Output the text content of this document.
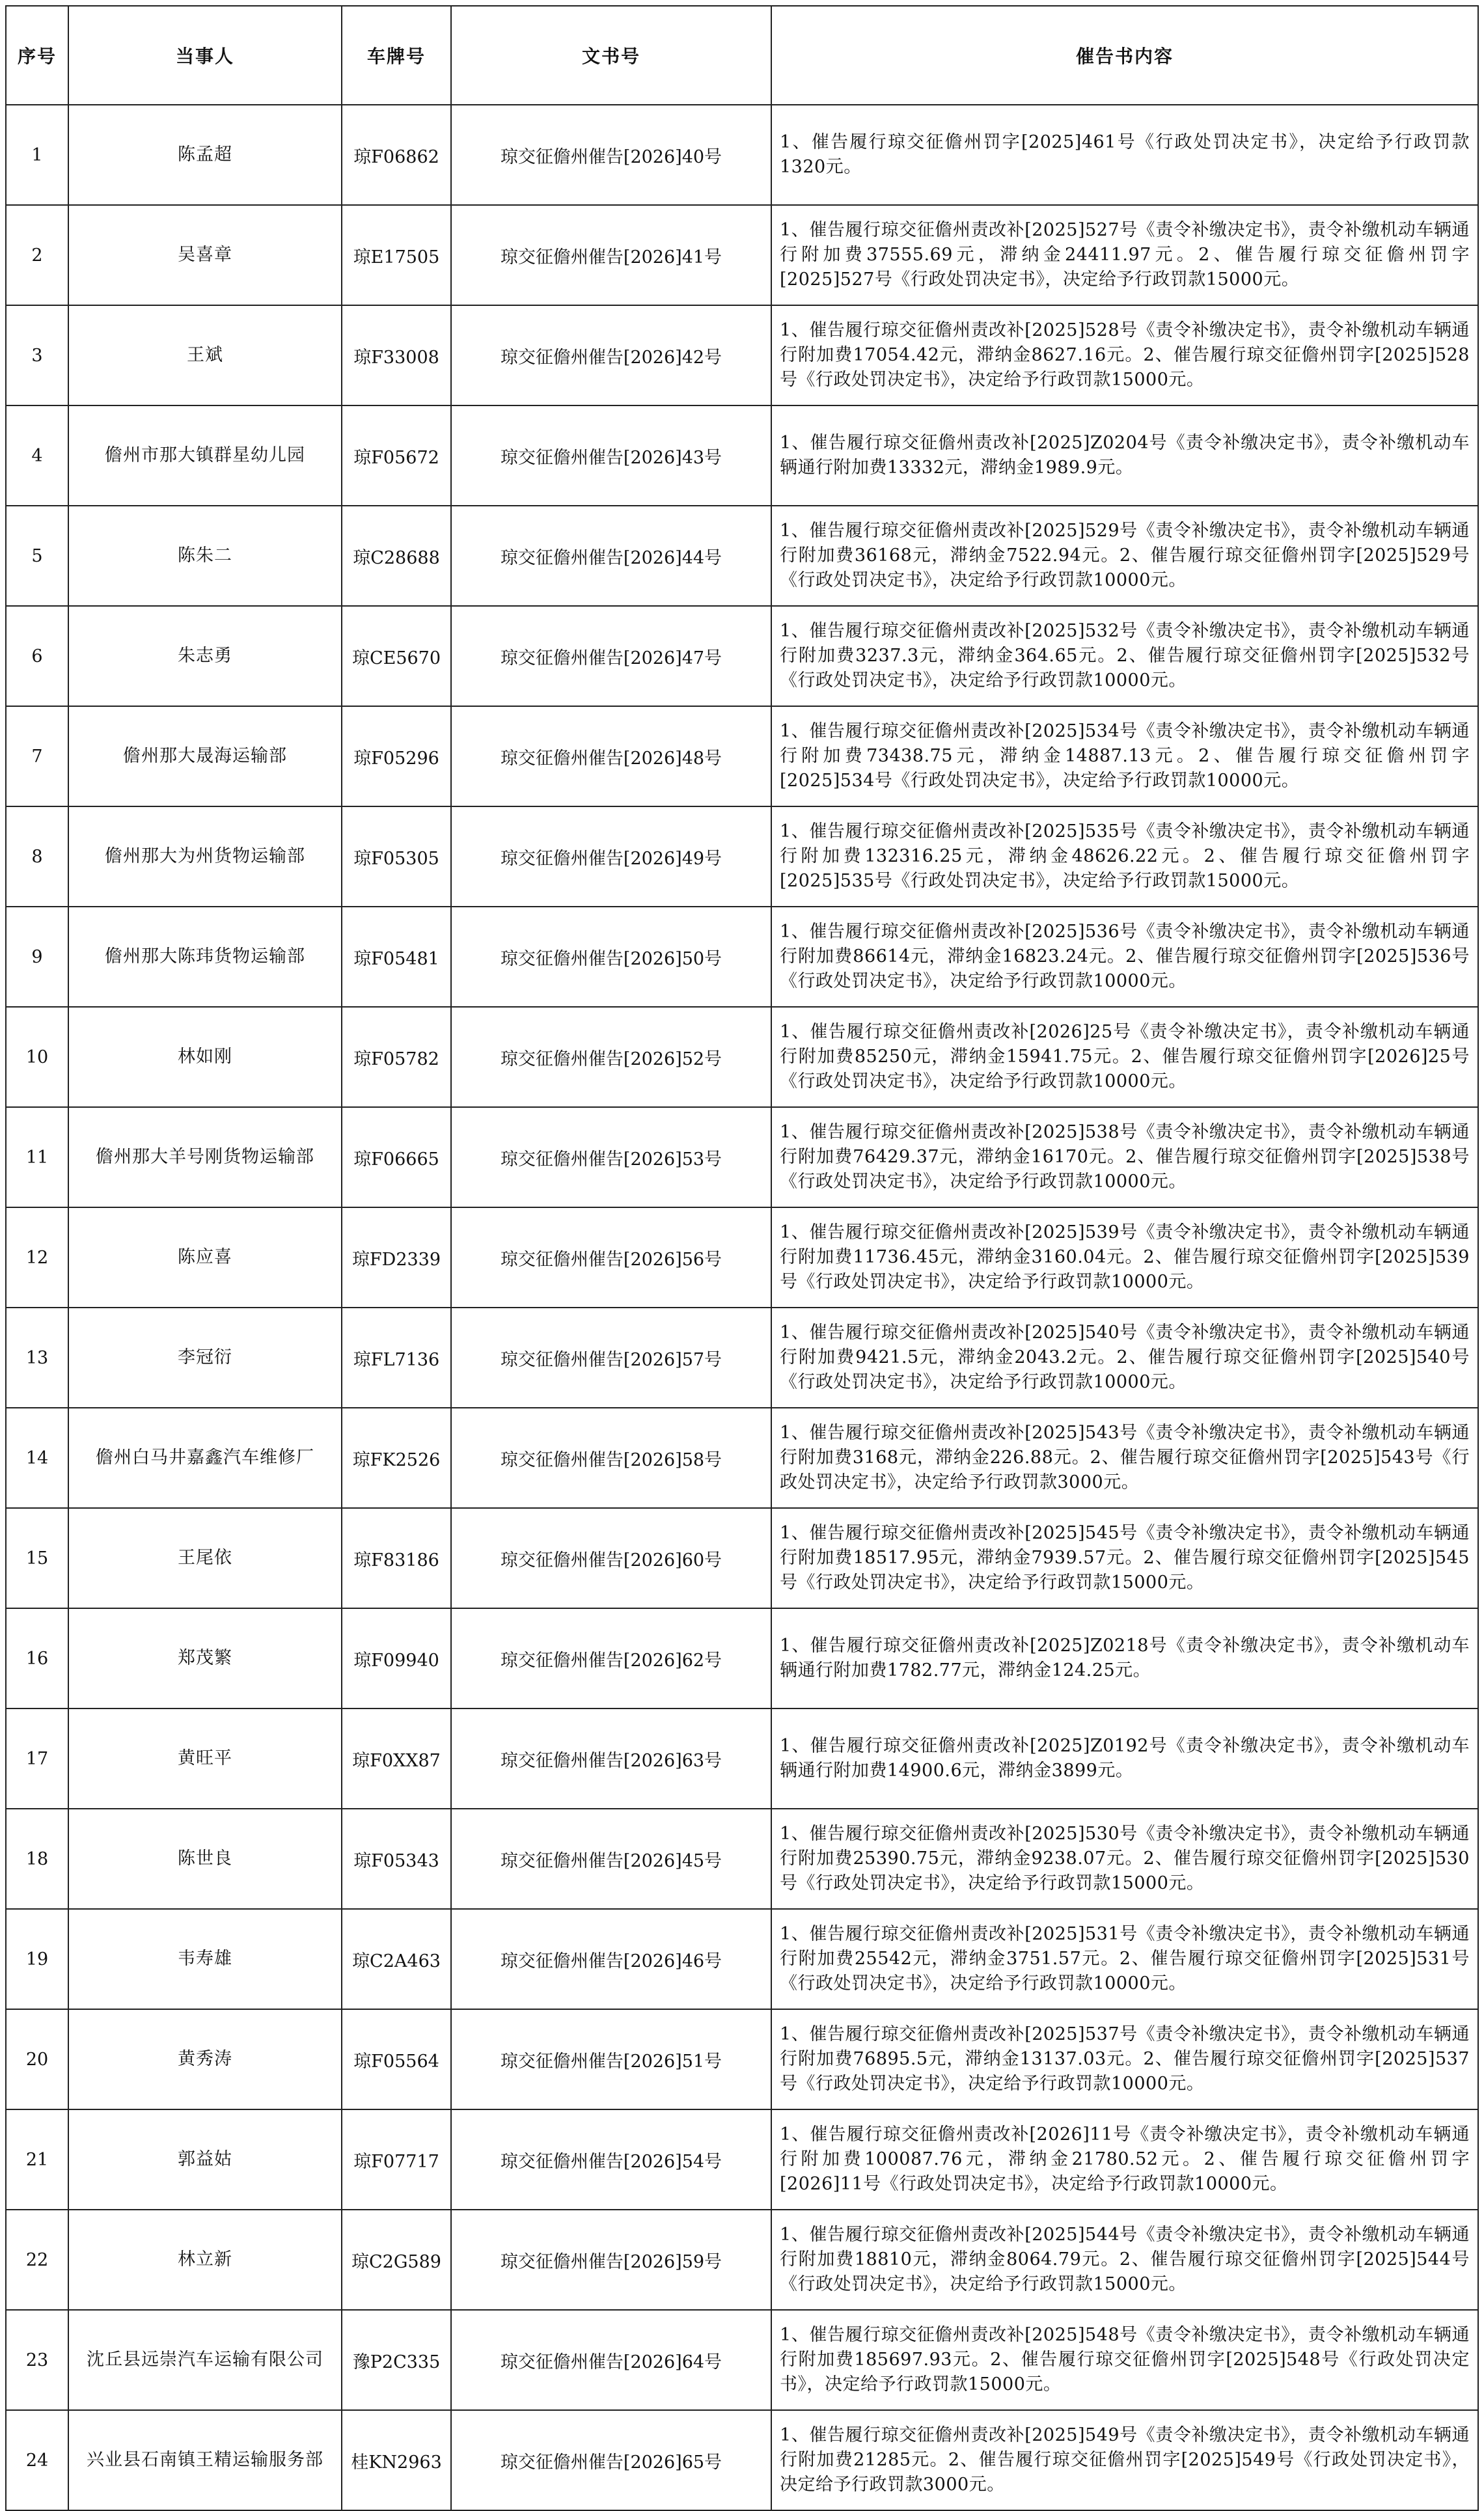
序号	当事人	车牌号	文书号	催告书内容
1	陈孟超	琼F06862	琼交征儋州催告[2026]40号	1、催告履行琼交征儋州罚字[2025]461号《行政处罚决定书》，决定给予行政罚款1320元。
2	吴喜章	琼E17505	琼交征儋州催告[2026]41号	1、催告履行琼交征儋州责改补[2025]527号《责令补缴决定书》，责令补缴机动车辆通行附加费37555.69元，滞纳金24411.97元。2、催告履行琼交征儋州罚字[2025]527号《行政处罚决定书》，决定给予行政罚款15000元。
3	王斌	琼F33008	琼交征儋州催告[2026]42号	1、催告履行琼交征儋州责改补[2025]528号《责令补缴决定书》，责令补缴机动车辆通行附加费17054.42元，滞纳金8627.16元。2、催告履行琼交征儋州罚字[2025]528号《行政处罚决定书》，决定给予行政罚款15000元。
4	儋州市那大镇群星幼儿园	琼F05672	琼交征儋州催告[2026]43号	1、催告履行琼交征儋州责改补[2025]Z0204号《责令补缴决定书》，责令补缴机动车辆通行附加费13332元，滞纳金1989.9元。
5	陈朱二	琼C28688	琼交征儋州催告[2026]44号	1、催告履行琼交征儋州责改补[2025]529号《责令补缴决定书》，责令补缴机动车辆通行附加费36168元，滞纳金7522.94元。2、催告履行琼交征儋州罚字[2025]529号《行政处罚决定书》，决定给予行政罚款10000元。
6	朱志勇	琼CE5670	琼交征儋州催告[2026]47号	1、催告履行琼交征儋州责改补[2025]532号《责令补缴决定书》，责令补缴机动车辆通行附加费3237.3元，滞纳金364.65元。2、催告履行琼交征儋州罚字[2025]532号《行政处罚决定书》，决定给予行政罚款10000元。
7	儋州那大晟海运输部	琼F05296	琼交征儋州催告[2026]48号	1、催告履行琼交征儋州责改补[2025]534号《责令补缴决定书》，责令补缴机动车辆通行附加费73438.75元，滞纳金14887.13元。2、催告履行琼交征儋州罚字[2025]534号《行政处罚决定书》，决定给予行政罚款10000元。
8	儋州那大为州货物运输部	琼F05305	琼交征儋州催告[2026]49号	1、催告履行琼交征儋州责改补[2025]535号《责令补缴决定书》，责令补缴机动车辆通行附加费132316.25元，滞纳金48626.22元。2、催告履行琼交征儋州罚字[2025]535号《行政处罚决定书》，决定给予行政罚款15000元。
9	儋州那大陈玮货物运输部	琼F05481	琼交征儋州催告[2026]50号	1、催告履行琼交征儋州责改补[2025]536号《责令补缴决定书》，责令补缴机动车辆通行附加费86614元，滞纳金16823.24元。2、催告履行琼交征儋州罚字[2025]536号《行政处罚决定书》，决定给予行政罚款10000元。
10	林如刚	琼F05782	琼交征儋州催告[2026]52号	1、催告履行琼交征儋州责改补[2026]25号《责令补缴决定书》，责令补缴机动车辆通行附加费85250元，滞纳金15941.75元。2、催告履行琼交征儋州罚字[2026]25号《行政处罚决定书》，决定给予行政罚款10000元。
11	儋州那大羊号刚货物运输部	琼F06665	琼交征儋州催告[2026]53号	1、催告履行琼交征儋州责改补[2025]538号《责令补缴决定书》，责令补缴机动车辆通行附加费76429.37元，滞纳金16170元。2、催告履行琼交征儋州罚字[2025]538号《行政处罚决定书》，决定给予行政罚款10000元。
12	陈应喜	琼FD2339	琼交征儋州催告[2026]56号	1、催告履行琼交征儋州责改补[2025]539号《责令补缴决定书》，责令补缴机动车辆通行附加费11736.45元，滞纳金3160.04元。2、催告履行琼交征儋州罚字[2025]539号《行政处罚决定书》，决定给予行政罚款10000元。
13	李冠衍	琼FL7136	琼交征儋州催告[2026]57号	1、催告履行琼交征儋州责改补[2025]540号《责令补缴决定书》，责令补缴机动车辆通行附加费9421.5元，滞纳金2043.2元。2、催告履行琼交征儋州罚字[2025]540号《行政处罚决定书》，决定给予行政罚款10000元。
14	儋州白马井嘉鑫汽车维修厂	琼FK2526	琼交征儋州催告[2026]58号	1、催告履行琼交征儋州责改补[2025]543号《责令补缴决定书》，责令补缴机动车辆通行附加费3168元，滞纳金226.88元。2、催告履行琼交征儋州罚字[2025]543号《行政处罚决定书》，决定给予行政罚款3000元。
15	王尾依	琼F83186	琼交征儋州催告[2026]60号	1、催告履行琼交征儋州责改补[2025]545号《责令补缴决定书》，责令补缴机动车辆通行附加费18517.95元，滞纳金7939.57元。2、催告履行琼交征儋州罚字[2025]545号《行政处罚决定书》，决定给予行政罚款15000元。
16	郑茂繁	琼F09940	琼交征儋州催告[2026]62号	1、催告履行琼交征儋州责改补[2025]Z0218号《责令补缴决定书》，责令补缴机动车辆通行附加费1782.77元，滞纳金124.25元。
17	黄旺平	琼F0XX87	琼交征儋州催告[2026]63号	1、催告履行琼交征儋州责改补[2025]Z0192号《责令补缴决定书》，责令补缴机动车辆通行附加费14900.6元，滞纳金3899元。
18	陈世良	琼F05343	琼交征儋州催告[2026]45号	1、催告履行琼交征儋州责改补[2025]530号《责令补缴决定书》，责令补缴机动车辆通行附加费25390.75元，滞纳金9238.07元。2、催告履行琼交征儋州罚字[2025]530号《行政处罚决定书》，决定给予行政罚款15000元。
19	韦寿雄	琼C2A463	琼交征儋州催告[2026]46号	1、催告履行琼交征儋州责改补[2025]531号《责令补缴决定书》，责令补缴机动车辆通行附加费25542元，滞纳金3751.57元。2、催告履行琼交征儋州罚字[2025]531号《行政处罚决定书》，决定给予行政罚款10000元。
20	黄秀涛	琼F05564	琼交征儋州催告[2026]51号	1、催告履行琼交征儋州责改补[2025]537号《责令补缴决定书》，责令补缴机动车辆通行附加费76895.5元，滞纳金13137.03元。2、催告履行琼交征儋州罚字[2025]537号《行政处罚决定书》，决定给予行政罚款10000元。
21	郭益姑	琼F07717	琼交征儋州催告[2026]54号	1、催告履行琼交征儋州责改补[2026]11号《责令补缴决定书》，责令补缴机动车辆通行附加费100087.76元，滞纳金21780.52元。2、催告履行琼交征儋州罚字[2026]11号《行政处罚决定书》，决定给予行政罚款10000元。
22	林立新	琼C2G589	琼交征儋州催告[2026]59号	1、催告履行琼交征儋州责改补[2025]544号《责令补缴决定书》，责令补缴机动车辆通行附加费18810元，滞纳金8064.79元。2、催告履行琼交征儋州罚字[2025]544号《行政处罚决定书》，决定给予行政罚款15000元。
23	沈丘县远崇汽车运输有限公司	豫P2C335	琼交征儋州催告[2026]64号	1、催告履行琼交征儋州责改补[2025]548号《责令补缴决定书》，责令补缴机动车辆通行附加费185697.93元。2、催告履行琼交征儋州罚字[2025]548号《行政处罚决定书》，决定给予行政罚款15000元。
24	兴业县石南镇王精运输服务部	桂KN2963	琼交征儋州催告[2026]65号	1、催告履行琼交征儋州责改补[2025]549号《责令补缴决定书》，责令补缴机动车辆通行附加费21285元。2、催告履行琼交征儋州罚字[2025]549号《行政处罚决定书》，决定给予行政罚款3000元。
